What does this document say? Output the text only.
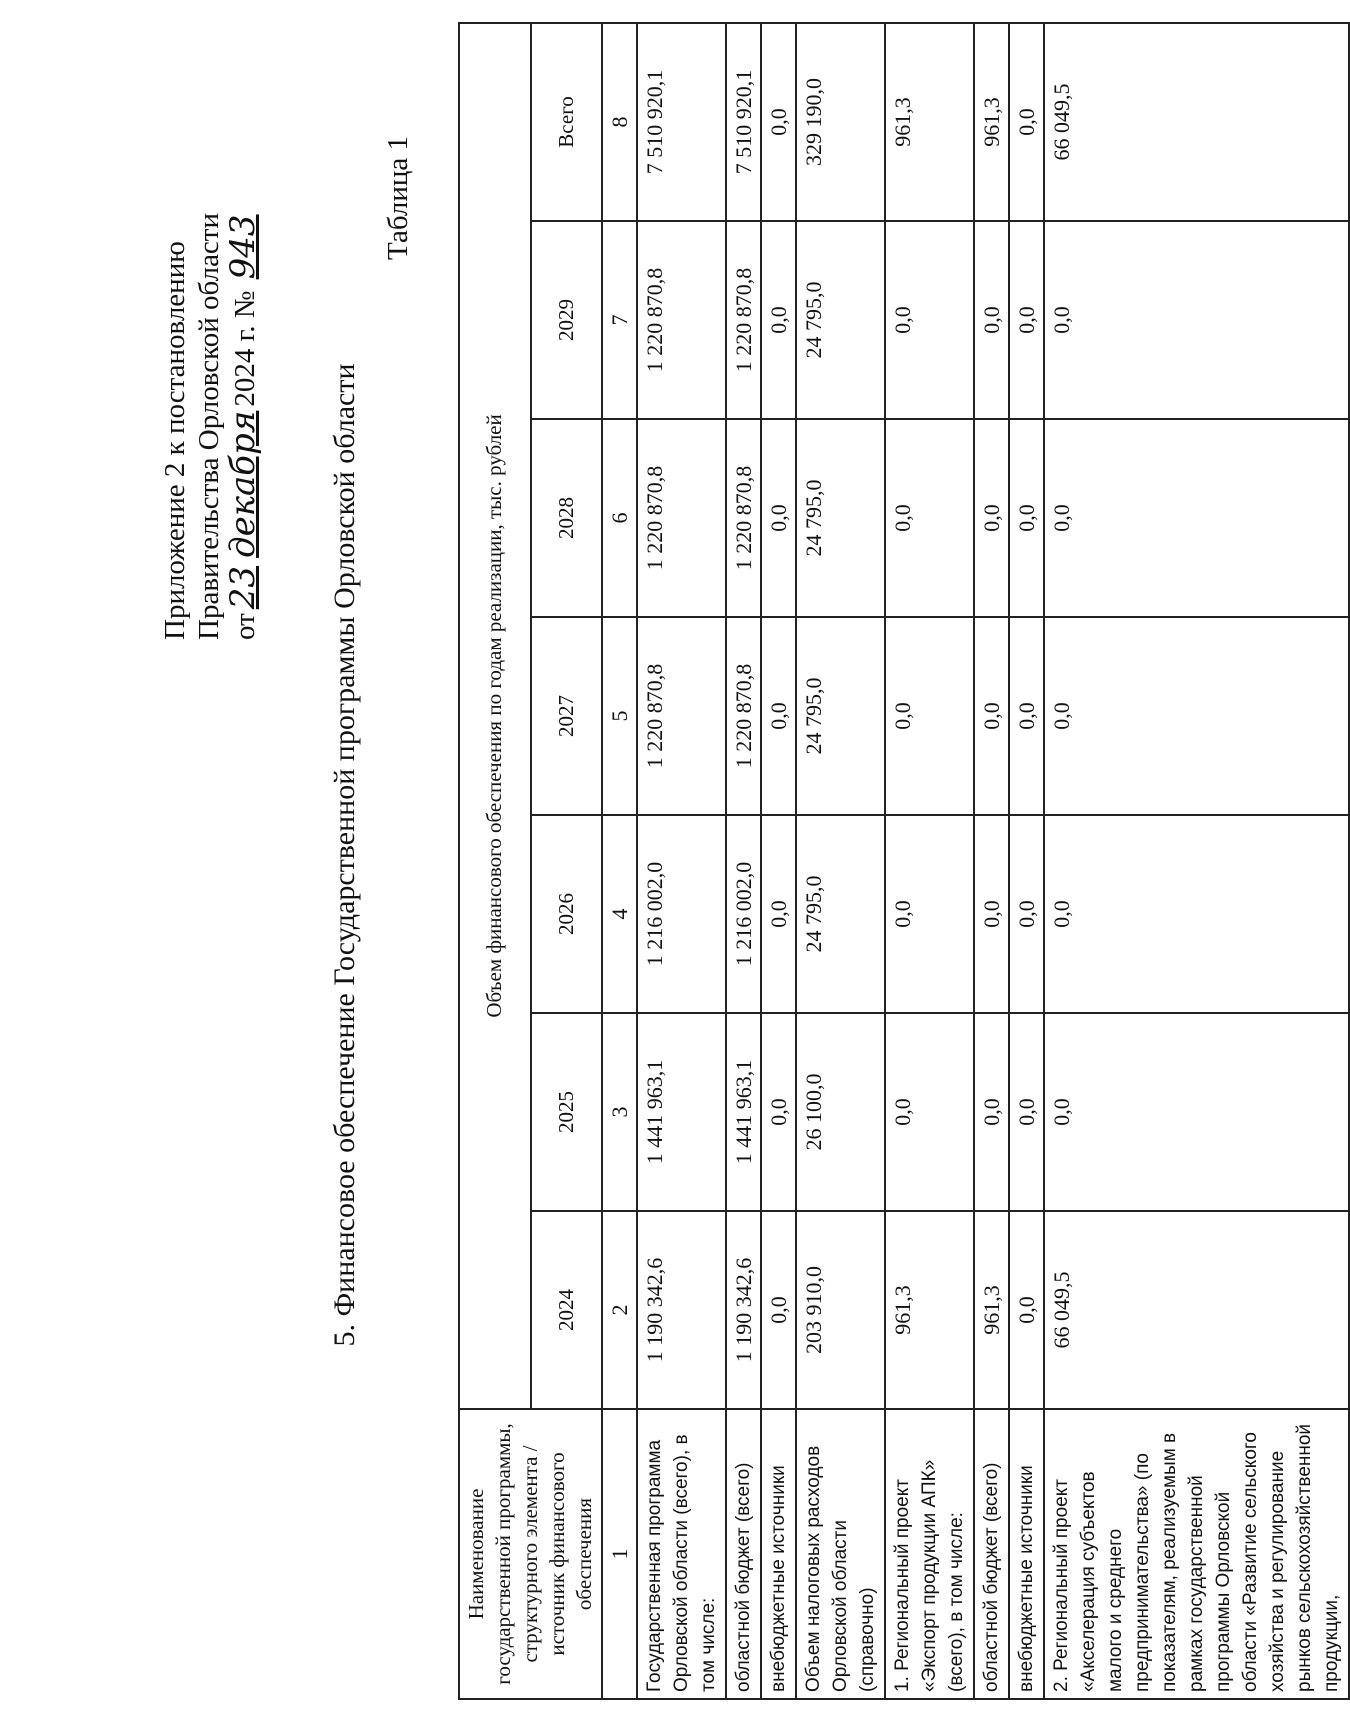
Приложение 2 к постановлению Правительства Орловской области от23декабря2024 г. № 943
5. Финансовое обеспечение Государственной программы Орловской области
Таблица 1
Наименование государственной программы, структурного элемента / источник финансового обеспечения	Объем финансового обеспечения по годам реализации, тыс. рублей						
	2024	2025	2026	2027	2028	2029	Всего
1	2	3	4	5	6	7	8
Государственная программа Орловской области (всего), в том числе:	1 190 342,6	1 441 963,1	1 216 002,0	1 220 870,8	1 220 870,8	1 220 870,8	7 510 920,1
областной бюджет (всего)	1 190 342,6	1 441 963,1	1 216 002,0	1 220 870,8	1 220 870,8	1 220 870,8	7 510 920,1
внебюджетные источники	0,0	0,0	0,0	0,0	0,0	0,0	0,0
Объем налоговых расходов Орловской области (справочно)	203 910,0	26 100,0	24 795,0	24 795,0	24 795,0	24 795,0	329 190,0
1. Региональный проект «Экспорт продукции АПК» (всего), в том числе:	961,3	0,0	0,0	0,0	0,0	0,0	961,3
областной бюджет (всего)	961,3	0,0	0,0	0,0	0,0	0,0	961,3
внебюджетные источники	0,0	0,0	0,0	0,0	0,0	0,0	0,0
2. Региональный проект «Акселерация субъектов малого и среднего предпринимательства» (по показателям, реализуемым в рамках государственной программы Орловской области «Развитие сельского хозяйства и регулирование рынков сельскохозяйственной продукции,	66 049,5	0,0	0,0	0,0	0,0	0,0	66 049,5
